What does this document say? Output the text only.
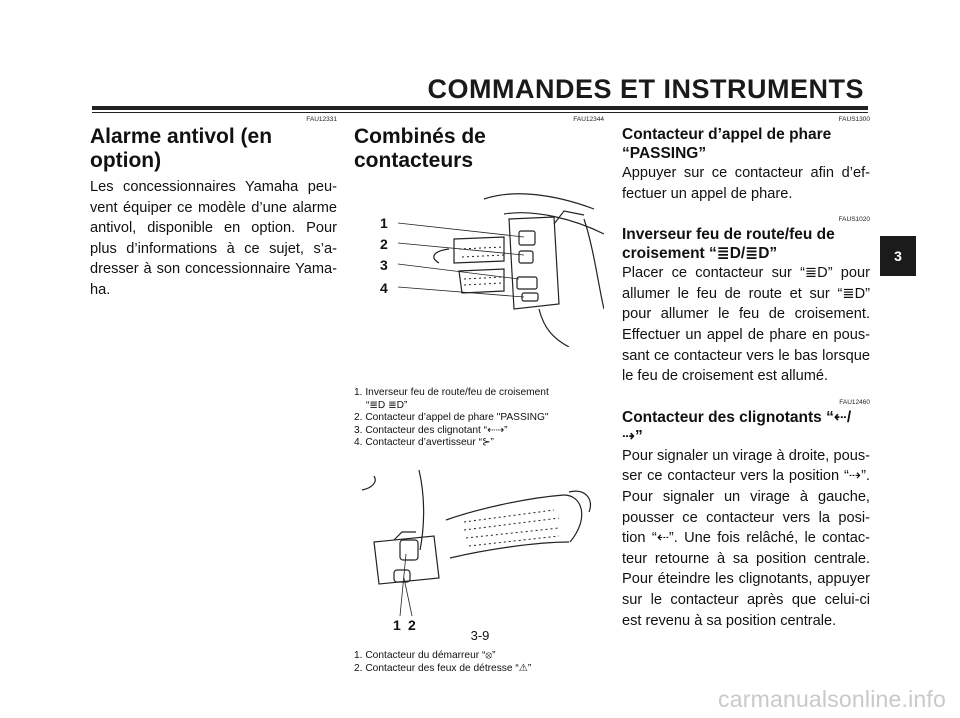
COMMANDES ET INSTRUMENTS
3
FAU12331
Alarme antivol (en option)

Les concessionnaires Yamaha peu-vent équiper ce modèle d’une alarme antivol, disponible en option. Pour plus d’informations à ce sujet, s’a-dresser à son concessionnaire Yama-ha.

FAU12344
Combinés de contacteurs
1
2
3
4
1. Inverseur feu de route/feu de croisement
“≣D ≣D”
2. Contacteur d’appel de phare "PASSING"
3. Contacteur des clignotant “⇠⇢”
4. Contacteur d’avertisseur “⊱”
1 2
1. Contacteur du démarreur “⦻”
2. Contacteur des feux de détresse “⚠”
FAUS1300
Contacteur d’appel de phare “PASSING”

Appuyer sur ce contacteur afin d’ef-fectuer un appel de phare.

FAUS1020
Inverseur feu de route/feu de croisement “≣D/≣D”

Placer ce contacteur sur “≣D” pour allumer le feu de route et sur “≣D” pour allumer le feu de croisement. Effectuer un appel de phare en pous-sant ce contacteur vers le bas lorsque le feu de croisement est allumé.

FAU12460
Contacteur des clignotants “⇠/⇢”

Pour signaler un virage à droite, pous-ser ce contacteur vers la position “⇢”. Pour signaler un virage à gauche, pousser ce contacteur vers la posi-tion “⇠”. Une fois relâché, le contac-teur retourne à sa position centrale. Pour éteindre les clignotants, appuyer sur le contacteur après que celui-ci est revenu à sa position centrale.

3-9
carmanualsonline.info
